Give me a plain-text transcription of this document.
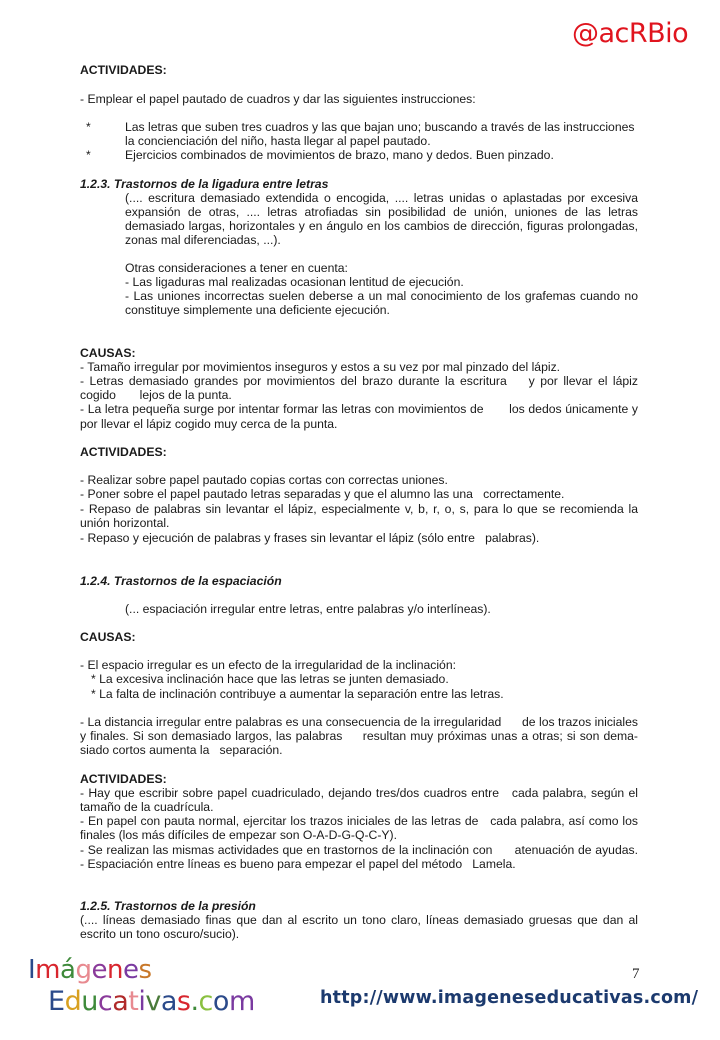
@acRBio
ACTIVIDADES:
- Emplear el papel pautado de cuadros y dar las siguientes instrucciones:
*	Las letras que suben tres cuadros y las que bajan uno; buscando a través de las instrucciones
la concienciación del niño, hasta llegar al papel pautado.
*	Ejercicios combinados de movimientos de brazo, mano y dedos. Buen pinzado.
1.2.3. Trastornos de la ligadura entre letras
(.... escritura demasiado extendida o encogida, .... letras unidas o aplastadas por excesiva
expansión de otras, .... letras atrofiadas sin posibilidad de unión, uniones de las letras
demasiado largas, horizontales y en ángulo en los cambios de dirección, figuras prolongadas,
zonas mal diferenciadas, ...).
Otras consideraciones a tener en cuenta:
- Las ligaduras mal realizadas ocasionan lentitud de ejecución.
- Las uniones incorrectas suelen deberse a un mal conocimiento de los grafemas cuando no
constituye simplemente una deficiente ejecución.
CAUSAS:
- Tamaño irregular por movimientos inseguros y estos a su vez por mal pinzado del lápiz.
- Letras demasiado grandes por movimientos del brazo durante la escritura    y por llevar el lápiz
cogido       lejos de la punta.
- La letra pequeña surge por intentar formar las letras con movimientos de       los dedos únicamente y
por llevar el lápiz cogido muy cerca de la punta.
ACTIVIDADES:
- Realizar sobre papel pautado copias cortas con correctas uniones.
- Poner sobre el papel pautado letras separadas y que el alumno las una   correctamente.
- Repaso de palabras sin levantar el lápiz, especialmente v, b, r, o, s, para lo que se recomienda la
unión horizontal.
- Repaso y ejecución de palabras y frases sin levantar el lápiz (sólo entre   palabras).
1.2.4. Trastornos de la espaciación
(... espaciación irregular entre letras, entre palabras y/o interlíneas).
CAUSAS:
- El espacio irregular es un efecto de la irregularidad de la inclinación:
* La excesiva inclinación hace que las letras se junten demasiado.
* La falta de inclinación contribuye a aumentar la separación entre las letras.
- La distancia irregular entre palabras es una consecuencia de la irregularidad      de los trazos iniciales
y finales. Si son demasiado largos, las palabras     resultan muy próximas unas a otras; si son dema-
siado cortos aumenta la   separación.
ACTIVIDADES:
- Hay que escribir sobre papel cuadriculado, dejando tres/dos cuadros entre   cada palabra, según el
tamaño de la cuadrícula.
- En papel con pauta normal, ejercitar los trazos iniciales de las letras de   cada palabra, así como los
finales (los más difíciles de empezar son O-A-D-G-Q-C-Y).
- Se realizan las mismas actividades que en trastornos de la inclinación con      atenuación de ayudas.
- Espaciación entre líneas es bueno para empezar el papel del método   Lamela.
1.2.5. Trastornos de la presión
(.... líneas demasiado finas que dan al escrito un tono claro, líneas demasiado gruesas que dan al
escrito un tono oscuro/sucio).
Imágenes
Educativas.com
7
http://www.imageneseducativas.com/
